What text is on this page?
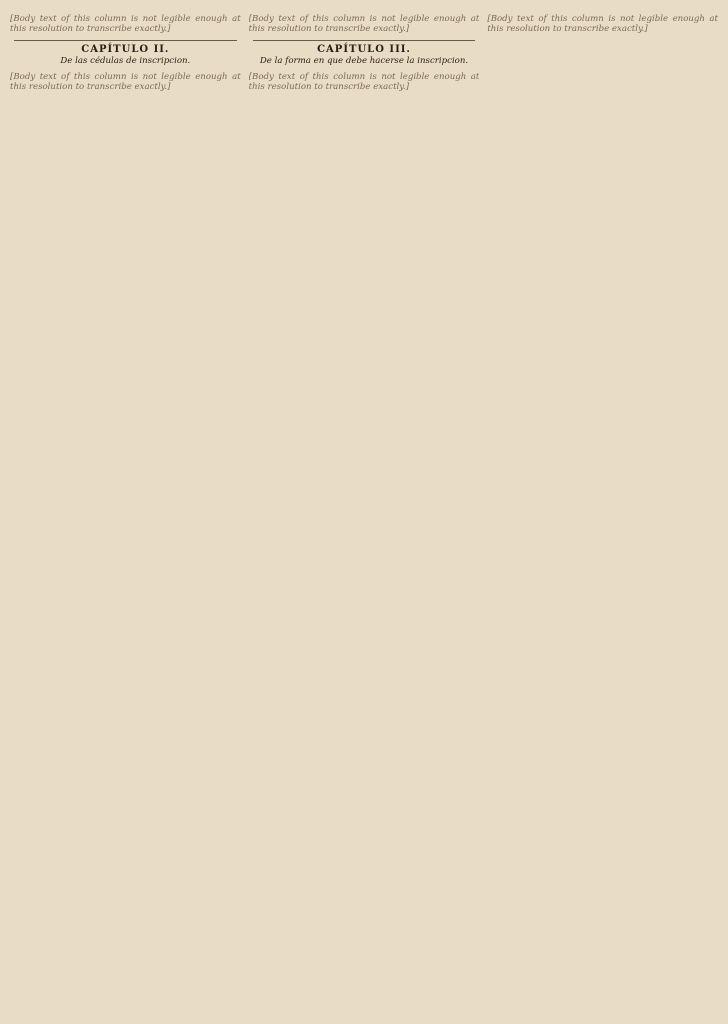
[Body text of this column is not legible enough at this resolution to transcribe exactly.]

CAPÍTULO II.

De las cédulas de inscripcion.

[Body text of this column is not legible enough at this resolution to transcribe exactly.]

[Body text of this column is not legible enough at this resolution to transcribe exactly.]

CAPÍTULO III.

De la forma en que debe hacerse la inscripcion.

[Body text of this column is not legible enough at this resolution to transcribe exactly.]

[Body text of this column is not legible enough at this resolution to transcribe exactly.]
